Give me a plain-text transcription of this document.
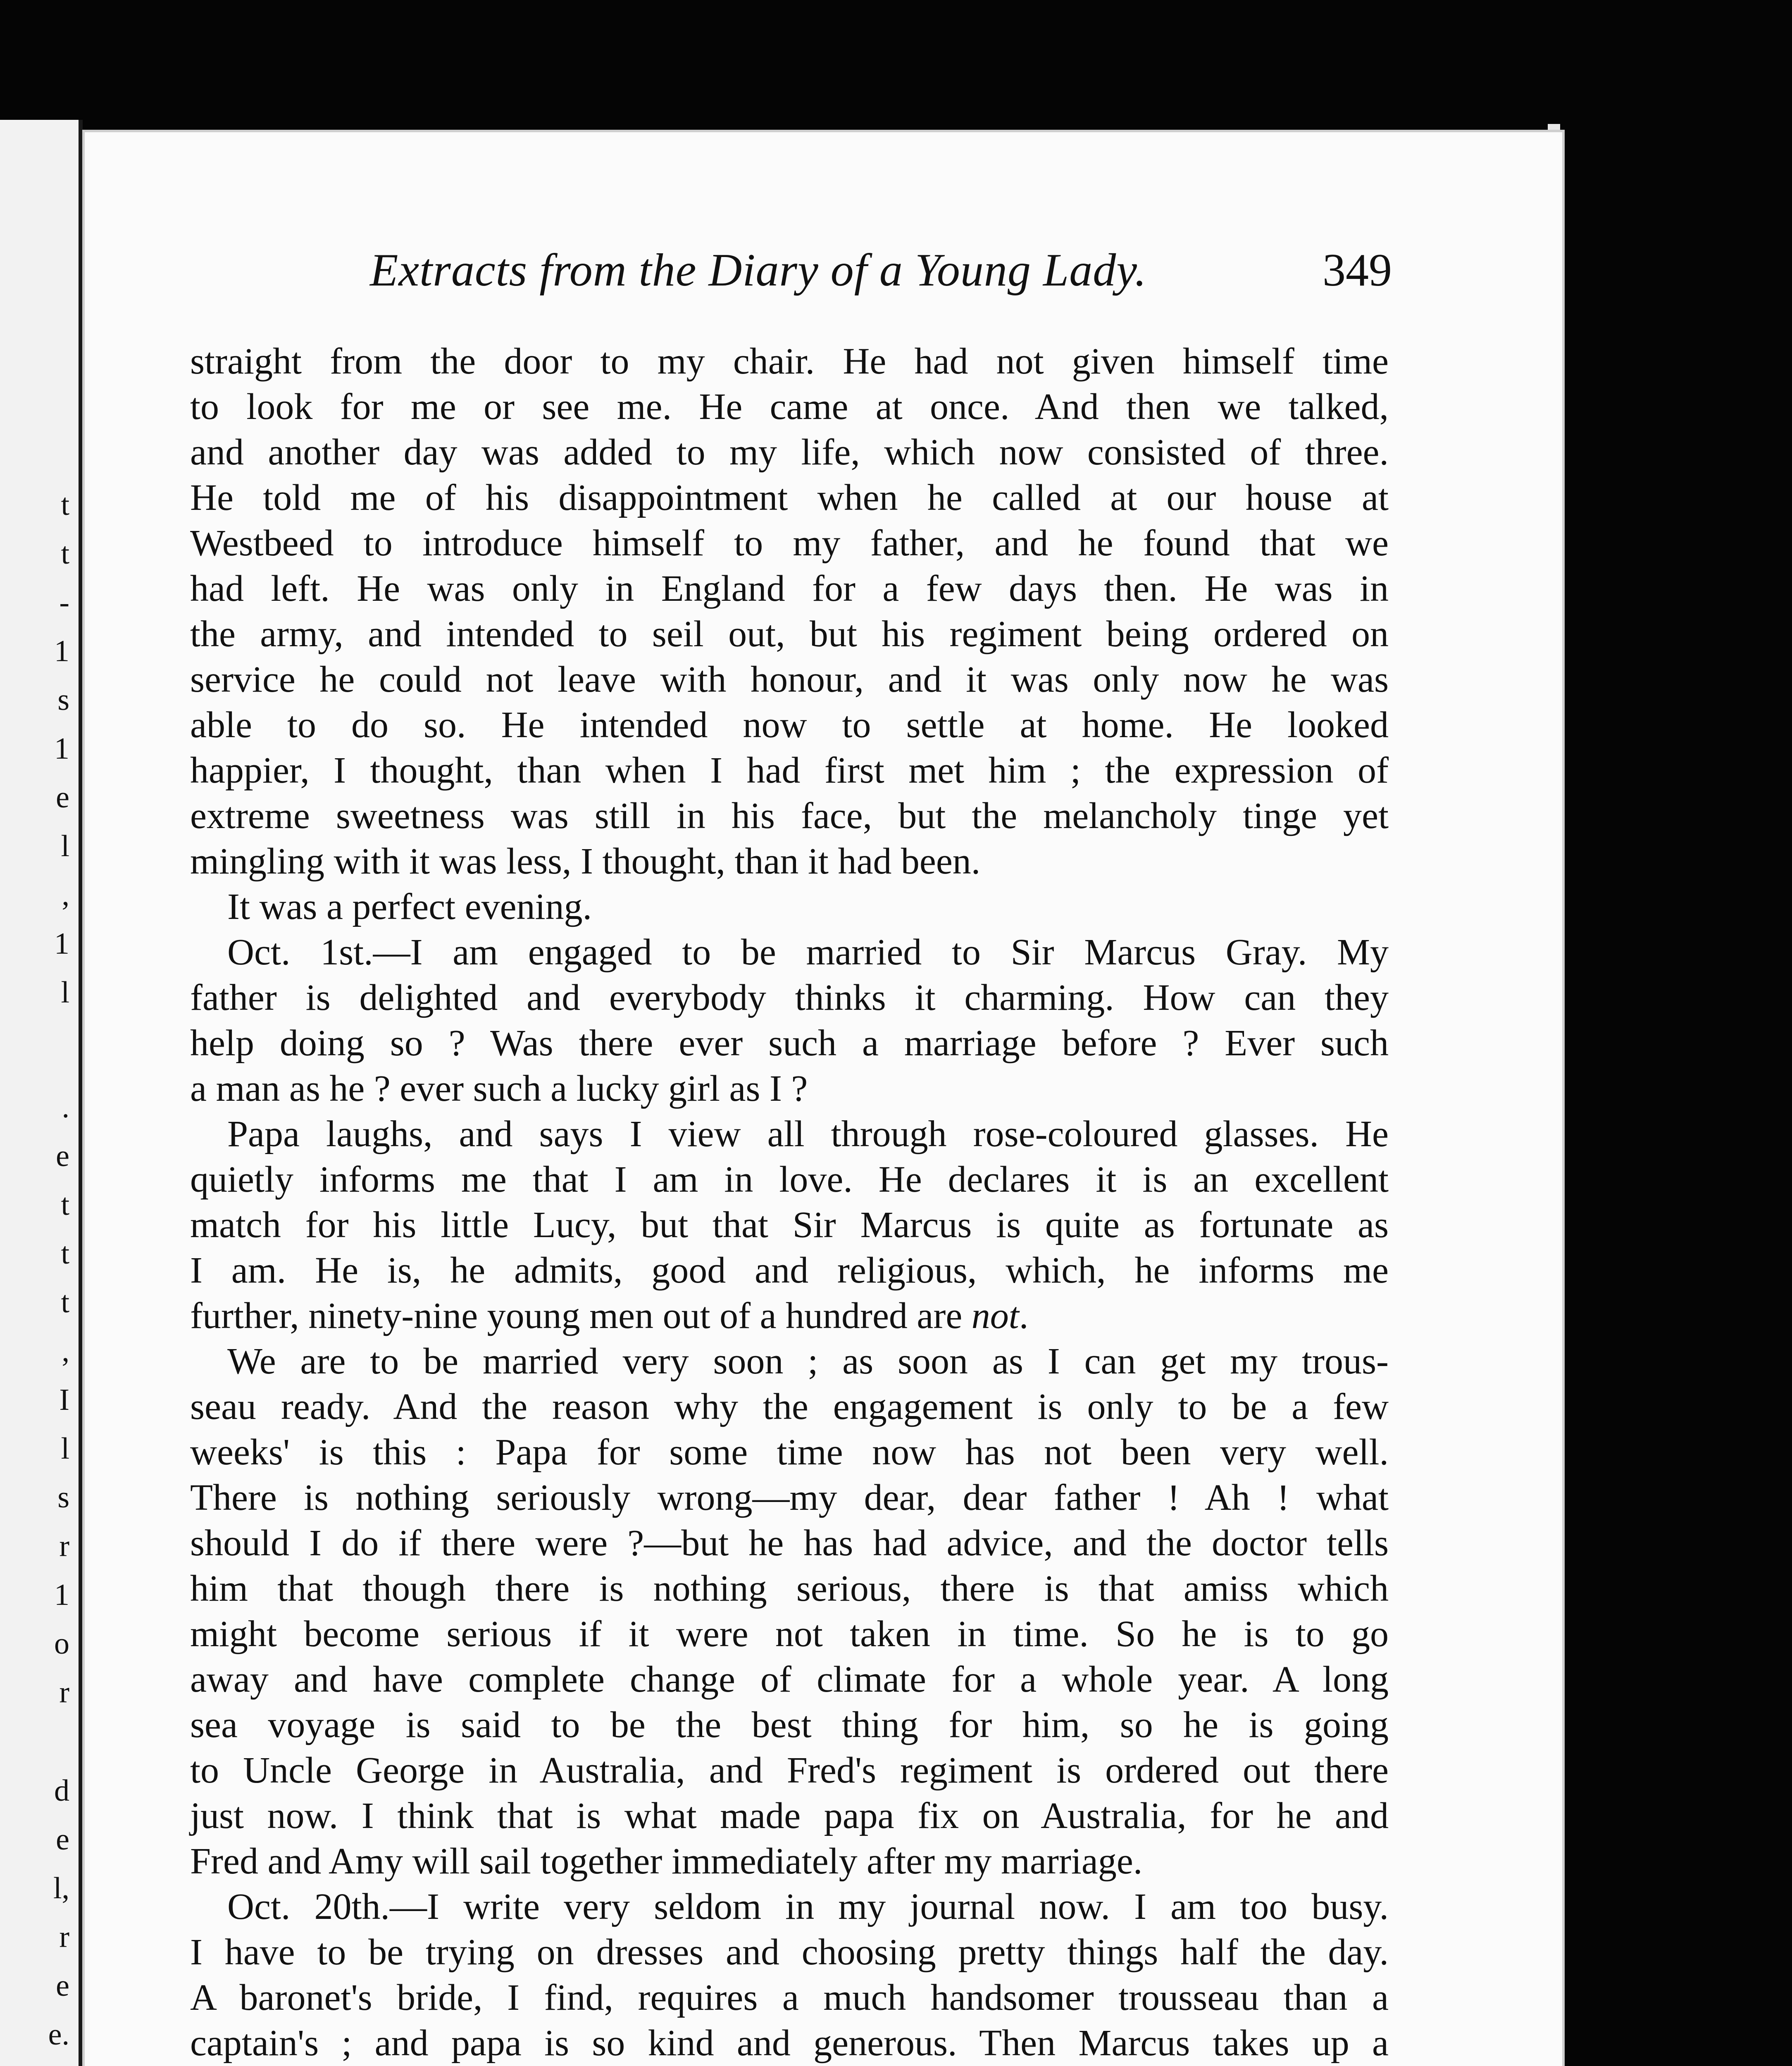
t
t
-
1
s
1
e
l
,
1
l
.
e
t
t
t
,
I
l
s
r
1
o
r
d
e
l,
r
e
e.
Extracts from the Diary of a Young Lady.	349
straight from the door to my chair. He had not given himself time
to look for me or see me. He came at once. And then we talked,
and another day was added to my life, which now consisted of three.
He told me of his disappointment when he called at our house at
Westbeed to introduce himself to my father, and he found that we
had left. He was only in England for a few days then. He was in
the army, and intended to seil out, but his regiment being ordered on
service he could not leave with honour, and it was only now he was
able to do so. He intended now to settle at home. He looked
happier, I thought, than when I had first met him ; the expression of
extreme sweetness was still in his face, but the melancholy tinge yet
mingling with it was less, I thought, than it had been.
It was a perfect evening.
Oct. 1st.—I am engaged to be married to Sir Marcus Gray. My
father is delighted and everybody thinks it charming. How can they
help doing so ? Was there ever such a marriage before ? Ever such
a man as he ? ever such a lucky girl as I ?
Papa laughs, and says I view all through rose-coloured glasses. He
quietly informs me that I am in love. He declares it is an excellent
match for his little Lucy, but that Sir Marcus is quite as fortunate as
I am. He is, he admits, good and religious, which, he informs me
further, ninety-nine young men out of a hundred are not.
We are to be married very soon ; as soon as I can get my trous-
seau ready. And the reason why the engagement is only to be a few
weeks' is this : Papa for some time now has not been very well.
There is nothing seriously wrong—my dear, dear father ! Ah ! what
should I do if there were ?—but he has had advice, and the doctor tells
him that though there is nothing serious, there is that amiss which
might become serious if it were not taken in time. So he is to go
away and have complete change of climate for a whole year. A long
sea voyage is said to be the best thing for him, so he is going
to Uncle George in Australia, and Fred's regiment is ordered out there
just now. I think that is what made papa fix on Australia, for he and
Fred and Amy will sail together immediately after my marriage.
Oct. 20th.—I write very seldom in my journal now. I am too busy.
I have to be trying on dresses and choosing pretty things half the day.
A baronet's bride, I find, requires a much handsomer trousseau than a
captain's ; and papa is so kind and generous. Then Marcus takes up a
